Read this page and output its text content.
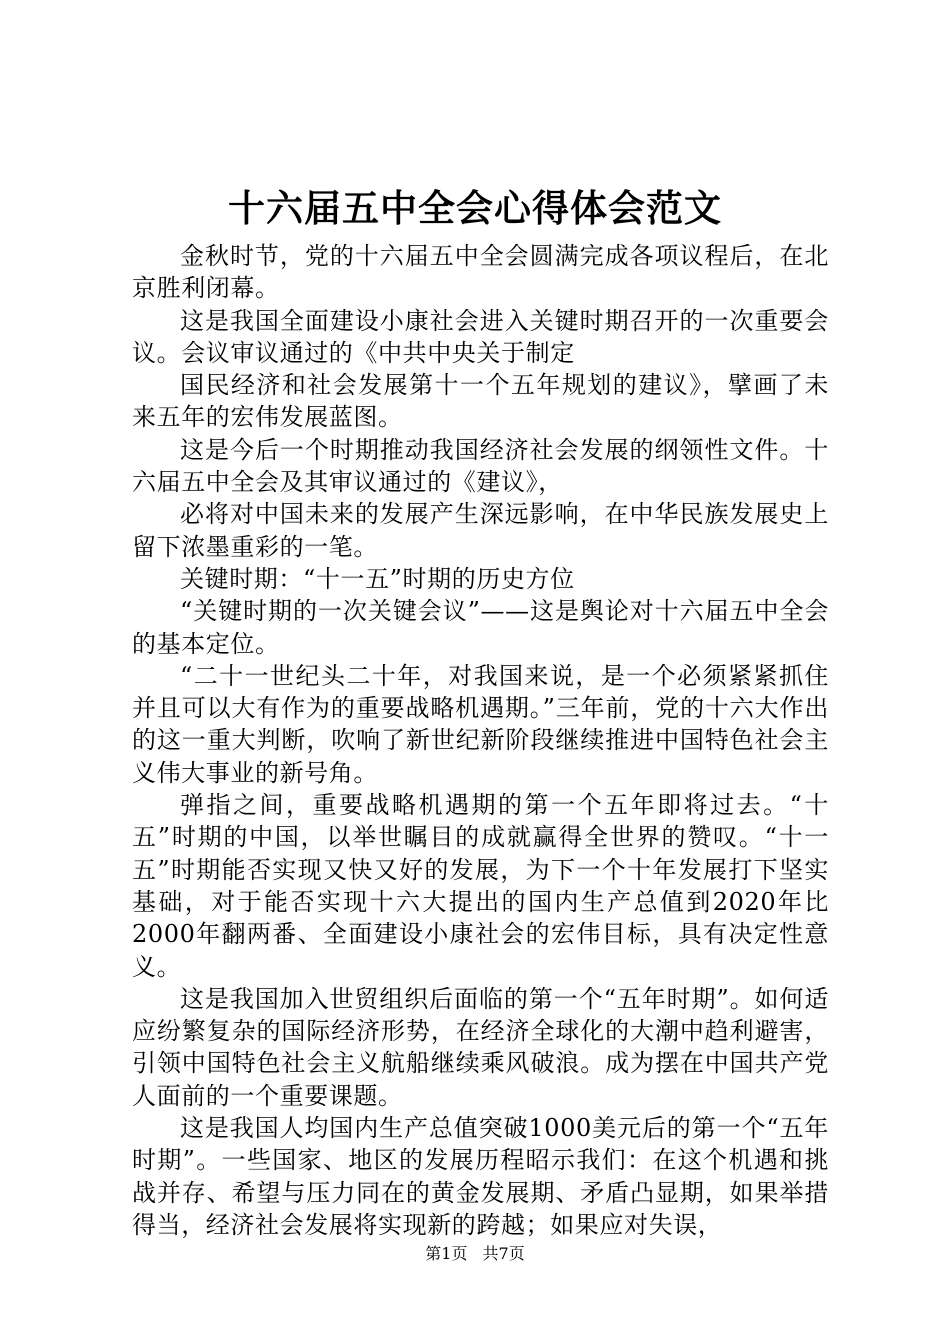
十六届五中全会心得体会范文

金秋时节，党的十六届五中全会圆满完成各项议程后，在北京胜利闭幕。

这是我国全面建设小康社会进入关键时期召开的一次重要会议。会议审议通过的《中共中央关于制定

国民经济和社会发展第十一个五年规划的建议》，擘画了未来五年的宏伟发展蓝图。

这是今后一个时期推动我国经济社会发展的纲领性文件。十六届五中全会及其审议通过的《建议》，

必将对中国未来的发展产生深远影响，在中华民族发展史上留下浓墨重彩的一笔。

关键时期：“十一五”时期的历史方位

“关键时期的一次关键会议”——这是舆论对十六届五中全会的基本定位。

“二十一世纪头二十年，对我国来说，是一个必须紧紧抓住并且可以大有作为的重要战略机遇期。”三年前，党的十六大作出的这一重大判断，吹响了新世纪新阶段继续推进中国特色社会主义伟大事业的新号角。

弹指之间，重要战略机遇期的第一个五年即将过去。“十五”时期的中国，以举世瞩目的成就赢得全世界的赞叹。“十一五”时期能否实现又快又好的发展，为下一个十年发展打下坚实基础，对于能否实现十六大提出的国内生产总值到2020年比2000年翻两番、全面建设小康社会的宏伟目标，具有决定性意义。

这是我国加入世贸组织后面临的第一个“五年时期”。如何适应纷繁复杂的国际经济形势，在经济全球化的大潮中趋利避害，引领中国特色社会主义航船继续乘风破浪。成为摆在中国共产党人面前的一个重要课题。

这是我国人均国内生产总值突破1000美元后的第一个“五年时期”。一些国家、地区的发展历程昭示我们：在这个机遇和挑战并存、希望与压力同在的黄金发展期、矛盾凸显期，如果举措得当，经济社会发展将实现新的跨越；如果应对失误，

第1页 共7页
